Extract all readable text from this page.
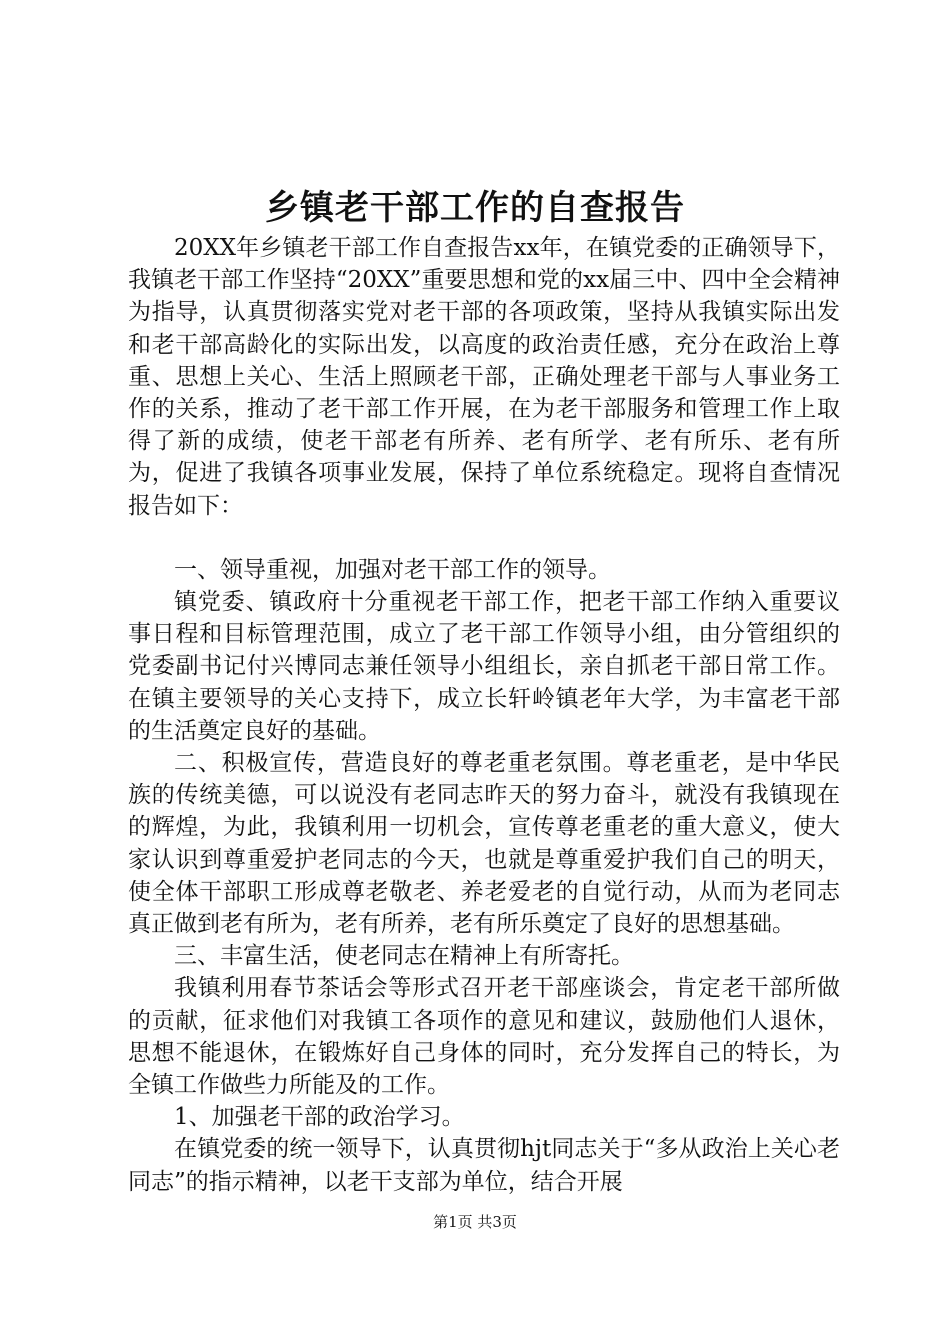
乡镇老干部工作的自查报告

20XX年乡镇老干部工作自查报告xx年，在镇党委的正确领导下，我镇老干部工作坚持“20XX”重要思想和党的xx届三中、四中全会精神为指导，认真贯彻落实党对老干部的各项政策，坚持从我镇实际出发和老干部高龄化的实际出发，以高度的政治责任感，充分在政治上尊重、思想上关心、生活上照顾老干部，正确处理老干部与人事业务工作的关系，推动了老干部工作开展，在为老干部服务和管理工作上取得了新的成绩，使老干部老有所养、老有所学、老有所乐、老有所为，促进了我镇各项事业发展，保持了单位系统稳定。现将自查情况报告如下：

一、领导重视，加强对老干部工作的领导。

镇党委、镇政府十分重视老干部工作，把老干部工作纳入重要议事日程和目标管理范围，成立了老干部工作领导小组，由分管组织的党委副书记付兴博同志兼任领导小组组长，亲自抓老干部日常工作。在镇主要领导的关心支持下，成立长轩岭镇老年大学，为丰富老干部的生活奠定良好的基础。

二、积极宣传，营造良好的尊老重老氛围。尊老重老，是中华民族的传统美德，可以说没有老同志昨天的努力奋斗，就没有我镇现在的辉煌，为此，我镇利用一切机会，宣传尊老重老的重大意义，使大家认识到尊重爱护老同志的今天，也就是尊重爱护我们自己的明天，使全体干部职工形成尊老敬老、养老爱老的自觉行动，从而为老同志真正做到老有所为，老有所养，老有所乐奠定了良好的思想基础。

三、丰富生活，使老同志在精神上有所寄托。

我镇利用春节茶话会等形式召开老干部座谈会，肯定老干部所做的贡献，征求他们对我镇工各项作的意见和建议，鼓励他们人退休，思想不能退休，在锻炼好自己身体的同时，充分发挥自己的特长，为全镇工作做些力所能及的工作。

1、加强老干部的政治学习。

在镇党委的统一领导下，认真贯彻hjt同志关于“多从政治上关心老同志”的指示精神，以老干支部为单位，结合开展

第1页 共3页
